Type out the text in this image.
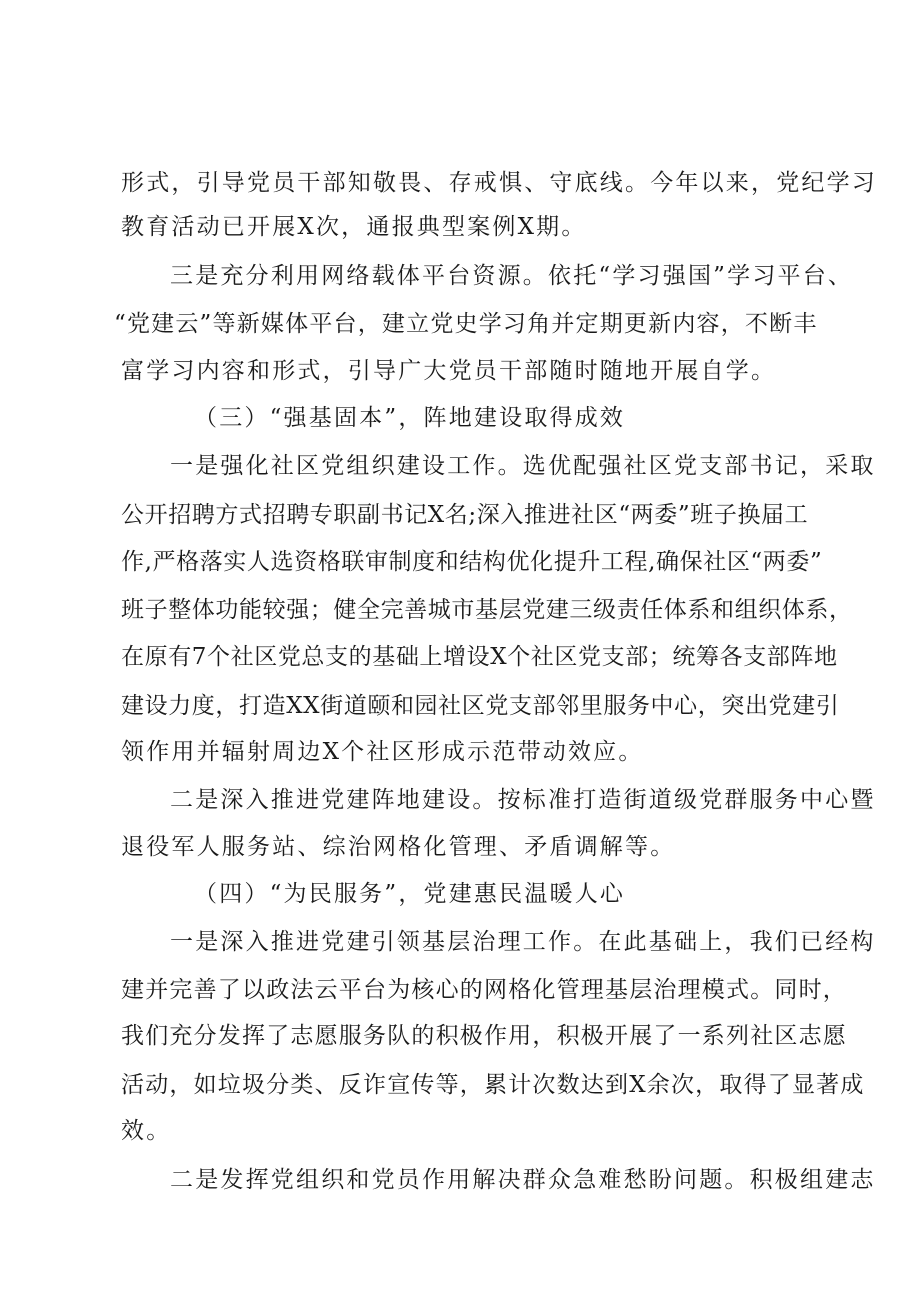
形式，引导党员干部知敬畏、存戒惧、守底线。今年以来，党纪学习
教育活动已开展X次，通报典型案例X期。
三是充分利用网络载体平台资源。依托“学习强国”学习平台、
“党建云”等新媒体平台，建立党史学习角并定期更新内容，不断丰
富学习内容和形式，引导广大党员干部随时随地开展自学。
（三）“强基固本”，阵地建设取得成效
一是强化社区党组织建设工作。选优配强社区党支部书记，采取
公开招聘方式招聘专职副书记X名;深入推进社区“两委”班子换届工
作,严格落实人选资格联审制度和结构优化提升工程,确保社区“两委”
班子整体功能较强；健全完善城市基层党建三级责任体系和组织体系，
在原有7个社区党总支的基础上增设X个社区党支部；统筹各支部阵地
建设力度，打造XX街道颐和园社区党支部邻里服务中心，突出党建引
领作用并辐射周边X个社区形成示范带动效应。
二是深入推进党建阵地建设。按标准打造街道级党群服务中心暨
退役军人服务站、综治网格化管理、矛盾调解等。
（四）“为民服务”，党建惠民温暖人心
一是深入推进党建引领基层治理工作。在此基础上，我们已经构
建并完善了以政法云平台为核心的网格化管理基层治理模式。同时，
我们充分发挥了志愿服务队的积极作用，积极开展了一系列社区志愿
活动，如垃圾分类、反诈宣传等，累计次数达到X余次，取得了显著成
效。
二是发挥党组织和党员作用解决群众急难愁盼问题。积极组建志
